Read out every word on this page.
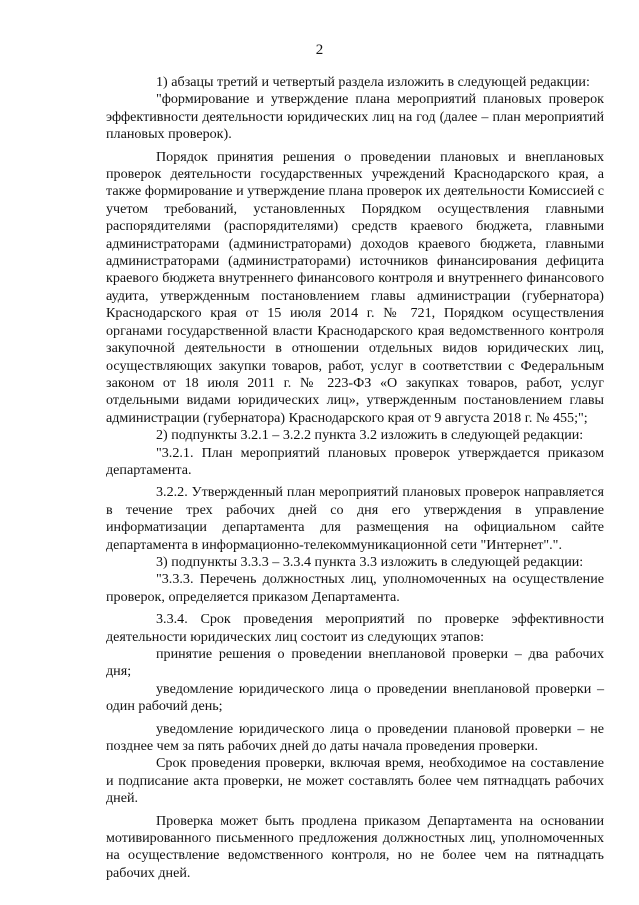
2

1) абзацы третий и четвертый раздела изложить в следующей редакции:

"формирование и утверждение плана мероприятий плановых проверок эффективности деятельности юридических лиц на год (далее – план мероприятий плановых проверок).

Порядок принятия решения о проведении плановых и внеплановых проверок деятельности государственных учреждений Краснодарского края, а также формирование и утверждение плана проверок их деятельности Комиссией с учетом требований, установленных Порядком осуществления главными распорядителями (распорядителями) средств краевого бюджета, главными администраторами (администраторами) доходов краевого бюджета, главными администраторами (администраторами) источников финансирования дефицита краевого бюджета внутреннего финансового контроля и внутреннего финансового аудита, утвержденным постановлением главы администрации (губернатора) Краснодарского края от 15 июля 2014 г. № 721, Порядком осуществления органами государственной власти Краснодарского края ведомственного контроля закупочной деятельности в отношении отдельных видов юридических лиц, осуществляющих закупки товаров, работ, услуг в соответствии с Федеральным законом от 18 июля 2011 г. № 223-ФЗ «О закупках товаров, работ, услуг отдельными видами юридических лиц», утвержденным постановлением главы администрации (губернатора) Краснодарского края от 9 августа 2018 г. № 455;";

2) подпункты 3.2.1 – 3.2.2 пункта 3.2 изложить в следующей редакции:

"3.2.1. План мероприятий плановых проверок утверждается приказом департамента.

3.2.2. Утвержденный план мероприятий плановых проверок направляется в течение трех рабочих дней со дня его утверждения в управление информатизации департамента для размещения на официальном сайте департамента в информационно-телекоммуникационной сети "Интернет".".

3) подпункты 3.3.3 – 3.3.4 пункта 3.3 изложить в следующей редакции:

"3.3.3. Перечень должностных лиц, уполномоченных на осуществление проверок, определяется приказом Департамента.

3.3.4. Срок проведения мероприятий по проверке эффективности деятельности юридических лиц состоит из следующих этапов:

принятие решения о проведении внеплановой проверки – два рабочих дня;

уведомление юридического лица о проведении внеплановой проверки – один рабочий день;

уведомление юридического лица о проведении плановой проверки – не позднее чем за пять рабочих дней до даты начала проведения проверки.

Срок проведения проверки, включая время, необходимое на составление и подписание акта проверки, не может составлять более чем пятнадцать рабочих дней.

Проверка может быть продлена приказом Департамента на основании мотивированного письменного предложения должностных лиц, уполномоченных на осуществление ведомственного контроля, но не более чем на пятнадцать рабочих дней.
